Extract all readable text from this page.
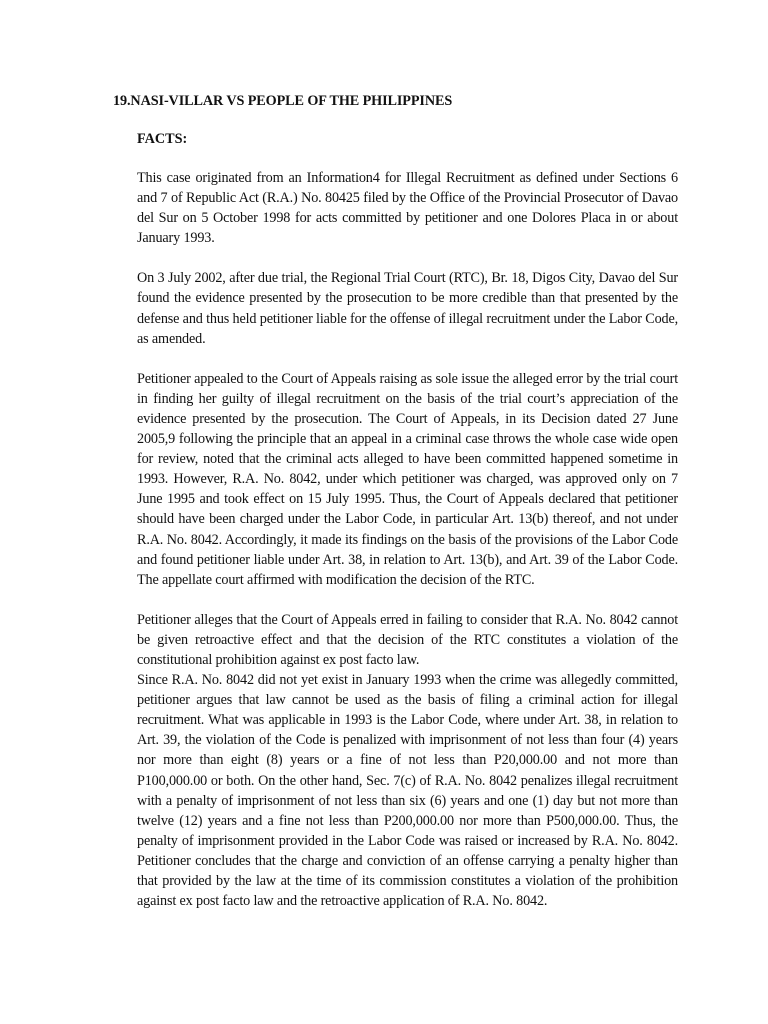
19.NASI-VILLAR VS PEOPLE OF THE PHILIPPINES
FACTS:

This case originated from an Information4 for Illegal Recruitment as defined under Sections 6 and 7 of Republic Act (R.A.) No. 80425 filed by the Office of the Provincial Prosecutor of Davao del Sur on 5 October 1998 for acts committed by petitioner and one Dolores Placa in or about January 1993.

On 3 July 2002, after due trial, the Regional Trial Court (RTC), Br. 18, Digos City, Davao del Sur found the evidence presented by the prosecution to be more credible than that presented by the defense and thus held petitioner liable for the offense of illegal recruitment under the Labor Code, as amended.

Petitioner appealed to the Court of Appeals raising as sole issue the alleged error by the trial court in finding her guilty of illegal recruitment on the basis of the trial court’s appreciation of the evidence presented by the prosecution. The Court of Appeals, in its Decision dated 27 June 2005,9 following the principle that an appeal in a criminal case throws the whole case wide open for review, noted that the criminal acts alleged to have been committed happened sometime in 1993. However, R.A. No. 8042, under which petitioner was charged, was approved only on 7 June 1995 and took effect on 15 July 1995. Thus, the Court of Appeals declared that petitioner should have been charged under the Labor Code, in particular Art. 13(b) thereof, and not under R.A. No. 8042. Accordingly, it made its findings on the basis of the provisions of the Labor Code and found petitioner liable under Art. 38, in relation to Art. 13(b), and Art. 39 of the Labor Code. The appellate court affirmed with modification the decision of the RTC.

Petitioner alleges that the Court of Appeals erred in failing to consider that R.A. No. 8042 cannot be given retroactive effect and that the decision of the RTC constitutes a violation of the constitutional prohibition against ex post facto law.

Since R.A. No. 8042 did not yet exist in January 1993 when the crime was allegedly committed, petitioner argues that law cannot be used as the basis of filing a criminal action for illegal recruitment. What was applicable in 1993 is the Labor Code, where under Art. 38, in relation to Art. 39, the violation of the Code is penalized with imprisonment of not less than four (4) years nor more than eight (8) years or a fine of not less than P20,000.00 and not more than P100,000.00 or both. On the other hand, Sec. 7(c) of R.A. No. 8042 penalizes illegal recruitment with a penalty of imprisonment of not less than six (6) years and one (1) day but not more than twelve (12) years and a fine not less than P200,000.00 nor more than P500,000.00. Thus, the penalty of imprisonment provided in the Labor Code was raised or increased by R.A. No. 8042. Petitioner concludes that the charge and conviction of an offense carrying a penalty higher than that provided by the law at the time of its commission constitutes a violation of the prohibition against ex post facto law and the retroactive application of R.A. No. 8042.
